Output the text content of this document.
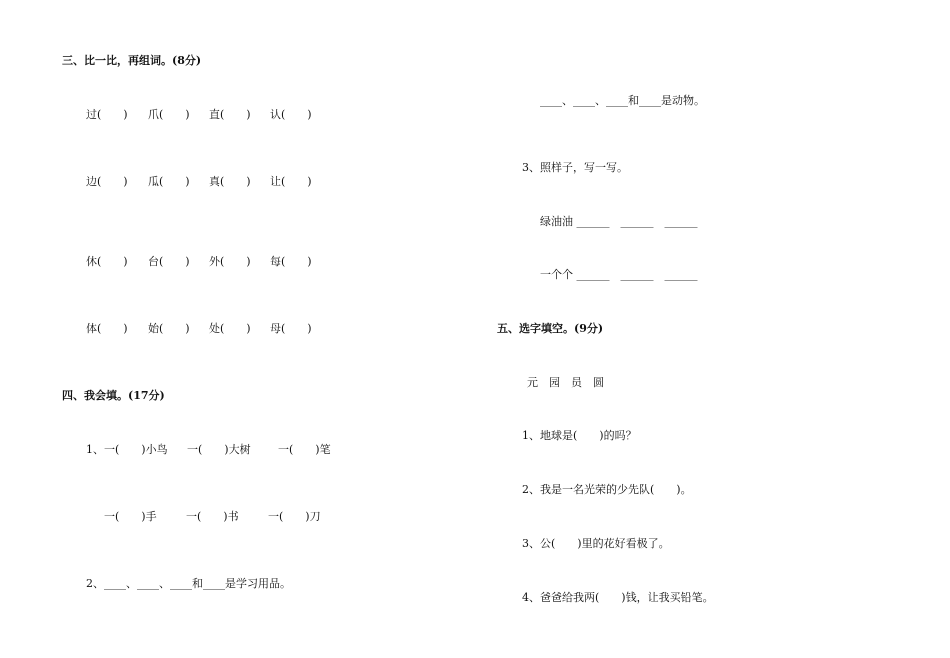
三、比一比，再组词。(8分)
过(　　) 爪(　　) 直(　　) 认(　　)
边(　　) 瓜(　　) 真(　　) 让(　　)
休(　　) 台(　　) 外(　　) 每(　　)
体(　　) 始(　　) 处(　　) 母(　　)
四、我会填。(17分)
1、一(　　)小鸟 一(　　)大树 一(　　)笔
一(　　)手	一(　　)书	一(　　)刀
2、____、____、____和____是学习用品。
____、____、____和____是动物。
3、照样子，写一写。
绿油油 ______　______　______
一个个 ______　______　______
五、选字填空。(9分)
元　园　员　圆
1、地球是(　　)的吗？
2、我是一名光荣的少先队(　　)。
3、公(　　)里的花好看极了。
4、爸爸给我两(　　)钱，让我买铅笔。
